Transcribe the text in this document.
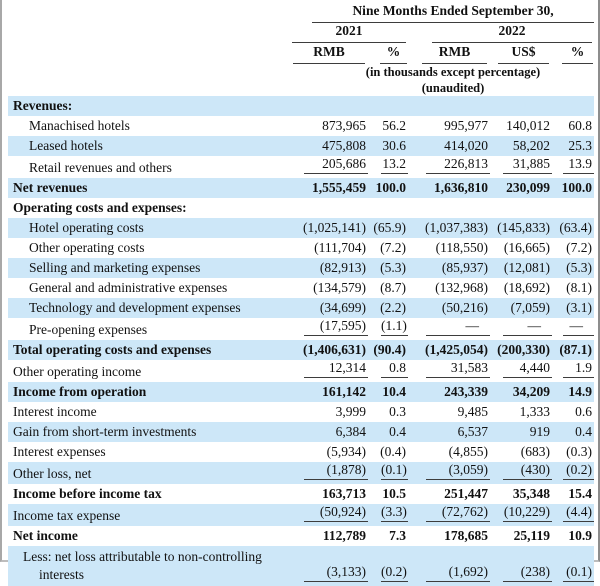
	Nine Months Ended September 30,				

	2021		2022		

	RMB	%	RMB	US$	%

	(in thousands except percentage)				
	(unaudited)				
Revenues:	

Manachised hotels	873,965	56.2	995,977	140,012	60.8

Leased hotels	475,808	30.6	414,020	58,202	25.3

Retail revenues and others	205,686	13.2	226,813	31,885	13.9

Net revenues	1,555,459	100.0	1,636,810	230,099	100.0

Operating costs and expenses:	

Hotel operating costs	(1,025,141)	(65.9)	(1,037,383)	(145,833)	(63.4)

Other operating costs	(111,704)	(7.2)	(118,550)	(16,665)	(7.2)

Selling and marketing expenses	(82,913)	(5.3)	(85,937)	(12,081)	(5.3)

General and administrative expenses	(134,579)	(8.7)	(132,968)	(18,692)	(8.1)

Technology and development expenses	(34,699)	(2.2)	(50,216)	(7,059)	(3.1)

Pre-opening expenses	(17,595)	(1.1)	—	—	—

Total operating costs and expenses	(1,406,631)	(90.4)	(1,425,054)	(200,330)	(87.1)

Other operating income	12,314	0.8	31,583	4,440	1.9

Income from operation	161,142	10.4	243,339	34,209	14.9

Interest income	3,999	0.3	9,485	1,333	0.6

Gain from short-term investments	6,384	0.4	6,537	919	0.4

Interest expenses	(5,934)	(0.4)	(4,855)	(683)	(0.3)

Other loss, net	(1,878)	(0.1)	(3,059)	(430)	(0.2)

Income before income tax	163,713	10.5	251,447	35,348	15.4

Income tax expense	(50,924)	(3.3)	(72,762)	(10,229)	(4.4)

Net income	112,789	7.3	178,685	25,119	10.9

Less: net loss attributable to non-controlling interests	(3,133)	(0.2)	(1,692)	(238)	(0.1)
